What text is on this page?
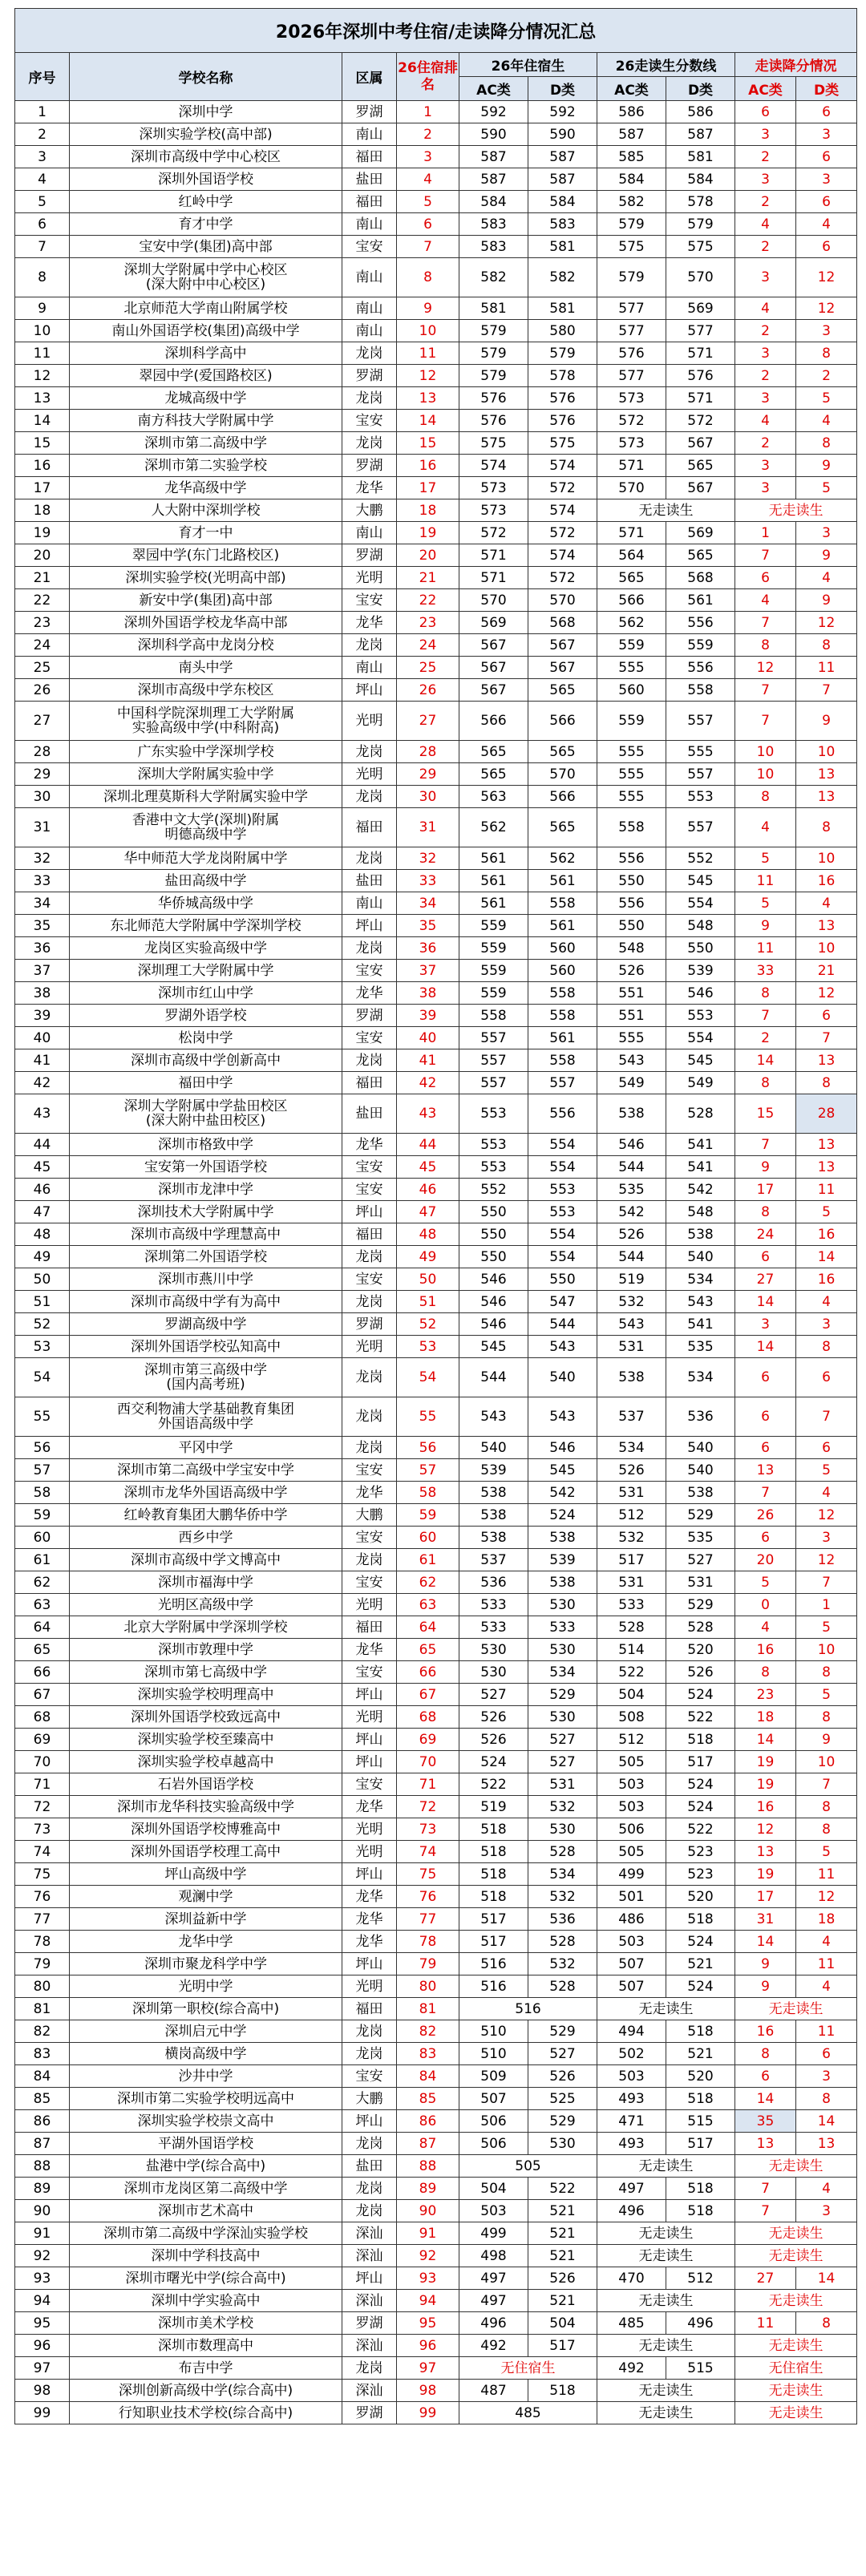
2026年深圳中考住宿/走读降分情况汇总									
序号	学校名称	区属	26住宿排名	26年住宿生		26走读生分数线		走读降分情况	
				AC类	D类	AC类	D类	AC类	D类
1	深圳中学	罗湖	1	592	592	586	586	6	6
2	深圳实验学校(高中部)	南山	2	590	590	587	587	3	3
3	深圳市高级中学中心校区	福田	3	587	587	585	581	2	6
4	深圳外国语学校	盐田	4	587	587	584	584	3	3
5	红岭中学	福田	5	584	584	582	578	2	6
6	育才中学	南山	6	583	583	579	579	4	4
7	宝安中学(集团)高中部	宝安	7	583	581	575	575	2	6
8	深圳大学附属中学中心校区
(深大附中中心校区)	南山	8	582	582	579	570	3	12
9	北京师范大学南山附属学校	南山	9	581	581	577	569	4	12
10	南山外国语学校(集团)高级中学	南山	10	579	580	577	577	2	3
11	深圳科学高中	龙岗	11	579	579	576	571	3	8
12	翠园中学(爱国路校区)	罗湖	12	579	578	577	576	2	2
13	龙城高级中学	龙岗	13	576	576	573	571	3	5
14	南方科技大学附属中学	宝安	14	576	576	572	572	4	4
15	深圳市第二高级中学	龙岗	15	575	575	573	567	2	8
16	深圳市第二实验学校	罗湖	16	574	574	571	565	3	9
17	龙华高级中学	龙华	17	573	572	570	567	3	5
18	人大附中深圳学校	大鹏	18	573	574	无走读生		无走读生	
19	育才一中	南山	19	572	572	571	569	1	3
20	翠园中学(东门北路校区)	罗湖	20	571	574	564	565	7	9
21	深圳实验学校(光明高中部)	光明	21	571	572	565	568	6	4
22	新安中学(集团)高中部	宝安	22	570	570	566	561	4	9
23	深圳外国语学校龙华高中部	龙华	23	569	568	562	556	7	12
24	深圳科学高中龙岗分校	龙岗	24	567	567	559	559	8	8
25	南头中学	南山	25	567	567	555	556	12	11
26	深圳市高级中学东校区	坪山	26	567	565	560	558	7	7
27	中国科学院深圳理工大学附属
实验高级中学(中科附高)	光明	27	566	566	559	557	7	9
28	广东实验中学深圳学校	龙岗	28	565	565	555	555	10	10
29	深圳大学附属实验中学	光明	29	565	570	555	557	10	13
30	深圳北理莫斯科大学附属实验中学	龙岗	30	563	566	555	553	8	13
31	香港中文大学(深圳)附属
明德高级中学	福田	31	562	565	558	557	4	8
32	华中师范大学龙岗附属中学	龙岗	32	561	562	556	552	5	10
33	盐田高级中学	盐田	33	561	561	550	545	11	16
34	华侨城高级中学	南山	34	561	558	556	554	5	4
35	东北师范大学附属中学深圳学校	坪山	35	559	561	550	548	9	13
36	龙岗区实验高级中学	龙岗	36	559	560	548	550	11	10
37	深圳理工大学附属中学	宝安	37	559	560	526	539	33	21
38	深圳市红山中学	龙华	38	559	558	551	546	8	12
39	罗湖外语学校	罗湖	39	558	558	551	553	7	6
40	松岗中学	宝安	40	557	561	555	554	2	7
41	深圳市高级中学创新高中	龙岗	41	557	558	543	545	14	13
42	福田中学	福田	42	557	557	549	549	8	8
43	深圳大学附属中学盐田校区
(深大附中盐田校区)	盐田	43	553	556	538	528	15	28
44	深圳市格致中学	龙华	44	553	554	546	541	7	13
45	宝安第一外国语学校	宝安	45	553	554	544	541	9	13
46	深圳市龙津中学	宝安	46	552	553	535	542	17	11
47	深圳技术大学附属中学	坪山	47	550	553	542	548	8	5
48	深圳市高级中学理慧高中	福田	48	550	554	526	538	24	16
49	深圳第二外国语学校	龙岗	49	550	554	544	540	6	14
50	深圳市燕川中学	宝安	50	546	550	519	534	27	16
51	深圳市高级中学有为高中	龙岗	51	546	547	532	543	14	4
52	罗湖高级中学	罗湖	52	546	544	543	541	3	3
53	深圳外国语学校弘知高中	光明	53	545	543	531	535	14	8
54	深圳市第三高级中学
(国内高考班)	龙岗	54	544	540	538	534	6	6
55	西交利物浦大学基础教育集团
外国语高级中学	龙岗	55	543	543	537	536	6	7
56	平冈中学	龙岗	56	540	546	534	540	6	6
57	深圳市第二高级中学宝安中学	宝安	57	539	545	526	540	13	5
58	深圳市龙华外国语高级中学	龙华	58	538	542	531	538	7	4
59	红岭教育集团大鹏华侨中学	大鹏	59	538	524	512	529	26	12
60	西乡中学	宝安	60	538	538	532	535	6	3
61	深圳市高级中学文博高中	龙岗	61	537	539	517	527	20	12
62	深圳市福海中学	宝安	62	536	538	531	531	5	7
63	光明区高级中学	光明	63	533	530	533	529	0	1
64	北京大学附属中学深圳学校	福田	64	533	533	528	528	4	5
65	深圳市敦理中学	龙华	65	530	530	514	520	16	10
66	深圳市第七高级中学	宝安	66	530	534	522	526	8	8
67	深圳实验学校明理高中	坪山	67	527	529	504	524	23	5
68	深圳外国语学校致远高中	光明	68	526	530	508	522	18	8
69	深圳实验学校至臻高中	坪山	69	526	527	512	518	14	9
70	深圳实验学校卓越高中	坪山	70	524	527	505	517	19	10
71	石岩外国语学校	宝安	71	522	531	503	524	19	7
72	深圳市龙华科技实验高级中学	龙华	72	519	532	503	524	16	8
73	深圳外国语学校博雅高中	光明	73	518	530	506	522	12	8
74	深圳外国语学校理工高中	光明	74	518	528	505	523	13	5
75	坪山高级中学	坪山	75	518	534	499	523	19	11
76	观澜中学	龙华	76	518	532	501	520	17	12
77	深圳益新中学	龙华	77	517	536	486	518	31	18
78	龙华中学	龙华	78	517	528	503	524	14	4
79	深圳市聚龙科学中学	坪山	79	516	532	507	521	9	11
80	光明中学	光明	80	516	528	507	524	9	4
81	深圳第一职校(综合高中)	福田	81	516		无走读生		无走读生	
82	深圳启元中学	龙岗	82	510	529	494	518	16	11
83	横岗高级中学	龙岗	83	510	527	502	521	8	6
84	沙井中学	宝安	84	509	526	503	520	6	3
85	深圳市第二实验学校明远高中	大鹏	85	507	525	493	518	14	8
86	深圳实验学校崇文高中	坪山	86	506	529	471	515	35	14
87	平湖外国语学校	龙岗	87	506	530	493	517	13	13
88	盐港中学(综合高中)	盐田	88	505		无走读生		无走读生	
89	深圳市龙岗区第二高级中学	龙岗	89	504	522	497	518	7	4
90	深圳市艺术高中	龙岗	90	503	521	496	518	7	3
91	深圳市第二高级中学深汕实验学校	深汕	91	499	521	无走读生		无走读生	
92	深圳中学科技高中	深汕	92	498	521	无走读生		无走读生	
93	深圳市曙光中学(综合高中)	坪山	93	497	526	470	512	27	14
94	深圳中学实验高中	深汕	94	497	521	无走读生		无走读生	
95	深圳市美术学校	罗湖	95	496	504	485	496	11	8
96	深圳市数理高中	深汕	96	492	517	无走读生		无走读生	
97	布吉中学	龙岗	97	无住宿生		492	515	无住宿生	
98	深圳创新高级中学(综合高中)	深汕	98	487	518	无走读生		无走读生	
99	行知职业技术学校(综合高中)	罗湖	99	485		无走读生		无走读生	
